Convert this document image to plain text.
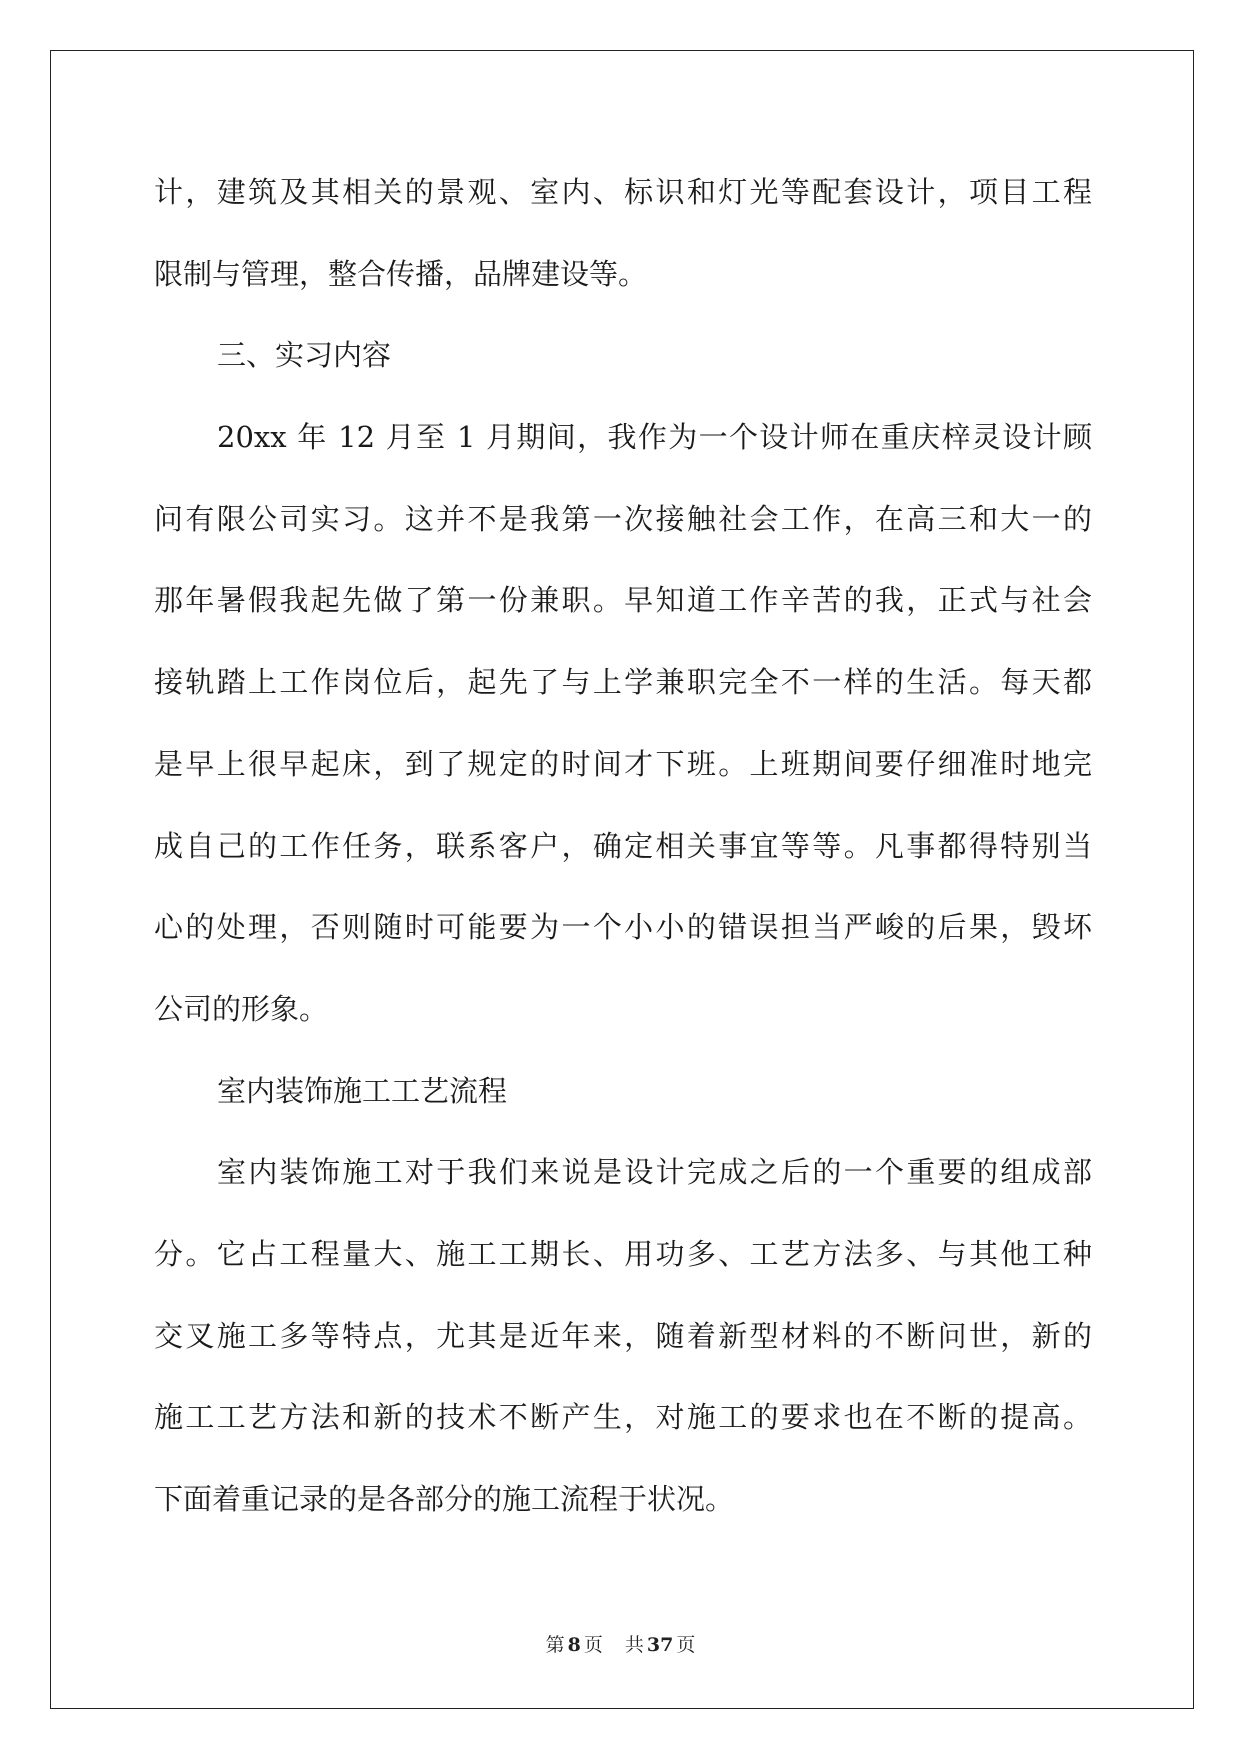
计，建筑及其相关的景观、室内、标识和灯光等配套设计，项目工程
限制与管理，整合传播，品牌建设等。
三、实习内容
20xx 年 12 月至 1 月期间，我作为一个设计师在重庆梓灵设计顾
问有限公司实习。这并不是我第一次接触社会工作，在高三和大一的
那年暑假我起先做了第一份兼职。早知道工作辛苦的我，正式与社会
接轨踏上工作岗位后，起先了与上学兼职完全不一样的生活。每天都
是早上很早起床，到了规定的时间才下班。上班期间要仔细准时地完
成自己的工作任务，联系客户，确定相关事宜等等。凡事都得特别当
心的处理，否则随时可能要为一个小小的错误担当严峻的后果，毁坏
公司的形象。
室内装饰施工工艺流程
室内装饰施工对于我们来说是设计完成之后的一个重要的组成部
分。它占工程量大、施工工期长、用功多、工艺方法多、与其他工种
交叉施工多等特点，尤其是近年来，随着新型材料的不断问世，新的
施工工艺方法和新的技术不断产生，对施工的要求也在不断的提高。
下面着重记录的是各部分的施工流程于状况。
第 8 页 共 37 页
